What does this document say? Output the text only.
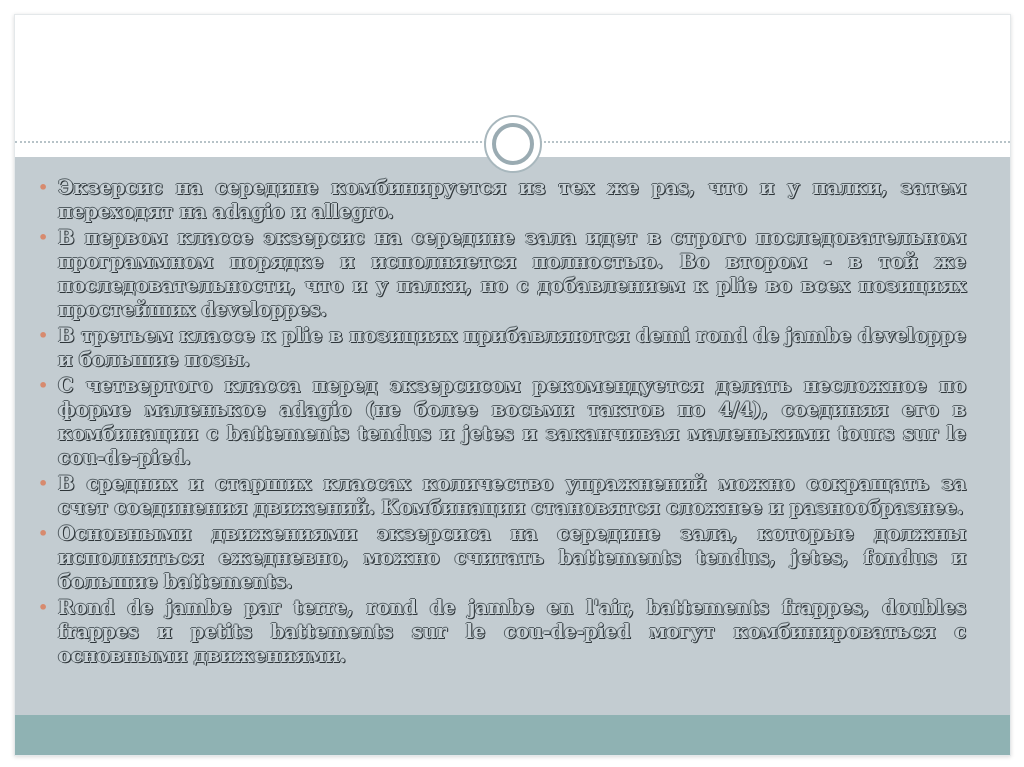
• Экзерсис на середине комбинируется из тех же pas, что и у палки, затем переходят на adagio и allegro.
• В первом классе экзерсис на середине зала идет в строго последовательном программном порядке и исполняется полностью. Во втором - в той же последовательности, что и у палки, но с добавлением к plie во всех позициях простейших developpes.
• В третьем классе к plie в позициях прибавляются demi rond de jambe developpe и большие позы.
• С четвертого класса перед экзерсисом рекомендуется делать несложное по форме маленькое adagio (не более восьми тактов по 4/4), соединяя его в комбинации с battements tendus и jetes и заканчивая маленькими tours sur le cou-de-pied.
• В средних и старших классах количество упражнений можно сокращать за счет соединения движений. Комбинации становятся сложнее и разнообразнее.
• Основными движениями экзерсиса на середине зала, которые должны исполняться ежедневно, можно считать battements tendus, jetes, fondus и большие battements.
• Rond de jambe par terre, rond de jambe en l'air, battements frappes, doubles frappes и petits battements sur le cou-de-pied могут комбинироваться с основными движениями.
